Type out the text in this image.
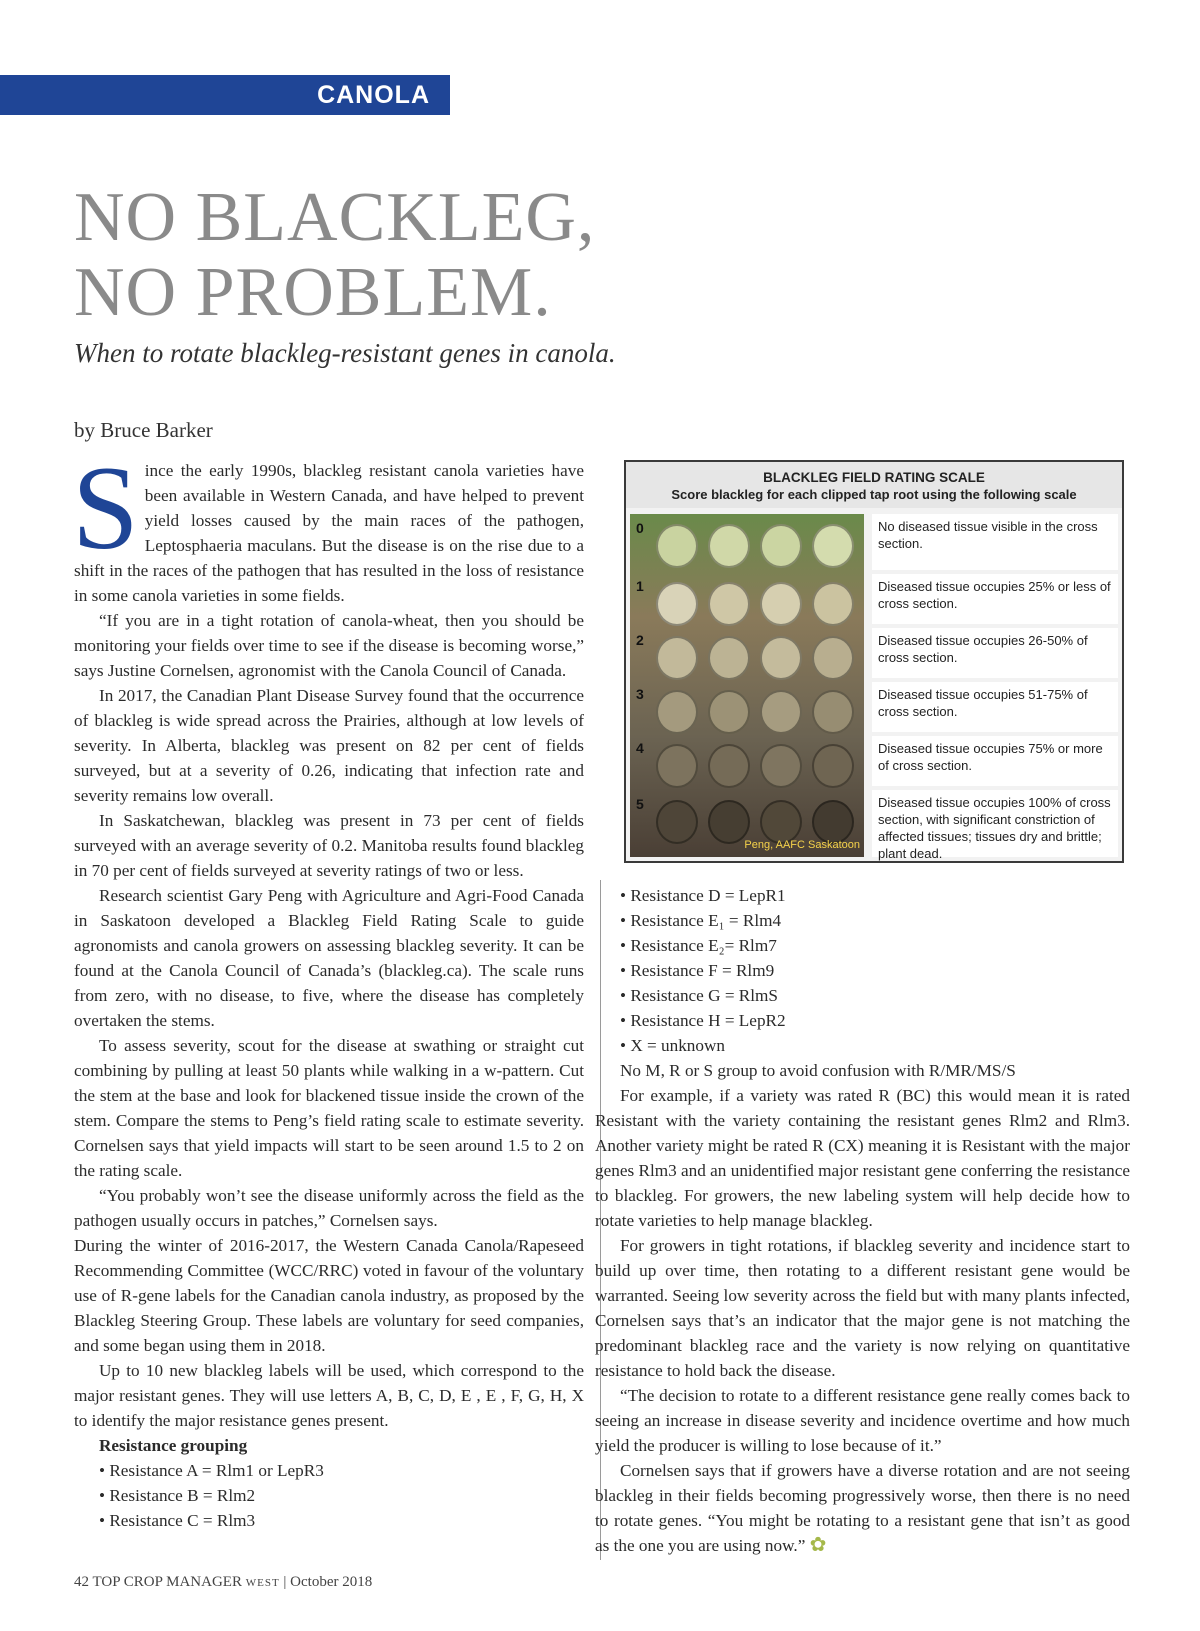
CANOLA
NO BLACKLEG,
NO PROBLEM.

When to rotate blackleg-resistant genes in canola.

by Bruce Barker

Since the early 1990s, blackleg resistant canola varieties have been available in Western Canada, and have helped to prevent yield losses caused by the main races of the pathogen, Leptosphaeria maculans. But the disease is on the rise due to a shift in the races of the pathogen that has resulted in the loss of resistance in some canola varieties in some fields.

“If you are in a tight rotation of canola-wheat, then you should be monitoring your fields over time to see if the disease is becoming worse,” says Justine Cornelsen, agronomist with the Canola Council of Canada.

In 2017, the Canadian Plant Disease Survey found that the occurrence of blackleg is wide spread across the Prairies, although at low levels of severity. In Alberta, blackleg was present on 82 per cent of fields surveyed, but at a severity of 0.26, indicating that infection rate and severity remains low overall.

In Saskatchewan, blackleg was present in 73 per cent of fields surveyed with an average severity of 0.2. Manitoba results found blackleg in 70 per cent of fields surveyed at severity ratings of two or less.

Research scientist Gary Peng with Agriculture and Agri-Food Canada in Saskatoon developed a Blackleg Field Rating Scale to guide agronomists and canola growers on assessing blackleg severity. It can be found at the Canola Council of Canada’s (blackleg.ca). The scale runs from zero, with no disease, to five, where the disease has completely overtaken the stems.

To assess severity, scout for the disease at swathing or straight cut combining by pulling at least 50 plants while walking in a w-pattern. Cut the stem at the base and look for blackened tissue inside the crown of the stem. Compare the stems to Peng’s field rating scale to estimate severity. Cornelsen says that yield impacts will start to be seen around 1.5 to 2 on the rating scale.

“You probably won’t see the disease uniformly across the field as the pathogen usually occurs in patches,” Cornelsen says.

During the winter of 2016-2017, the Western Canada Canola/Rapeseed Recommending Committee (WCC/RRC) voted in favour of the voluntary use of R-gene labels for the Canadian canola industry, as proposed by the Blackleg Steering Group. These labels are voluntary for seed companies, and some began using them in 2018.

Up to 10 new blackleg labels will be used, which correspond to the major resistant genes. They will use letters A, B, C, D, E , E , F, G, H, X to identify the major resistance genes present.

Resistance grouping

• Resistance A = Rlm1 or LepR3

• Resistance B = Rlm2

• Resistance C = Rlm3

BLACKLEG FIELD RATING SCALE
Score blackleg for each clipped tap root using the following scale
0
1
2
3
4
5
Peng, AAFC Saskatoon
No diseased tissue visible in the cross section.
Diseased tissue occupies 25% or less of cross section.
Diseased tissue occupies 26-50% of cross section.
Diseased tissue occupies 51-75% of cross section.
Diseased tissue occupies 75% or more of cross section.
Diseased tissue occupies 100% of cross section, with significant constriction of affected tissues; tissues dry and brittle; plant dead.

• Resistance D = LepR1

• Resistance E₁ = Rlm4

• Resistance E₂= Rlm7

• Resistance F = Rlm9

• Resistance G = RlmS

• Resistance H = LepR2

• X = unknown

No M, R or S group to avoid confusion with R/MR/MS/S

For example, if a variety was rated R (BC) this would mean it is rated Resistant with the variety containing the resistant genes Rlm2 and Rlm3. Another variety might be rated R (CX) meaning it is Resistant with the major genes Rlm3 and an unidentified major resistant gene conferring the resistance to blackleg. For growers, the new labeling system will help decide how to rotate varieties to help manage blackleg.

For growers in tight rotations, if blackleg severity and incidence start to build up over time, then rotating to a different resistant gene would be warranted. Seeing low severity across the field but with many plants infected, Cornelsen says that’s an indicator that the major gene is not matching the predominant blackleg race and the variety is now relying on quantitative resistance to hold back the disease.

“The decision to rotate to a different resistance gene really comes back to seeing an increase in disease severity and incidence overtime and how much yield the producer is willing to lose because of it.”

Cornelsen says that if growers have a diverse rotation and are not seeing blackleg in their fields becoming progressively worse, then there is no need to rotate genes. “You might be rotating to a resistant gene that isn’t as good as the one you are using now.” ✿

42 TOP CROP MANAGER WEST | October 2018
